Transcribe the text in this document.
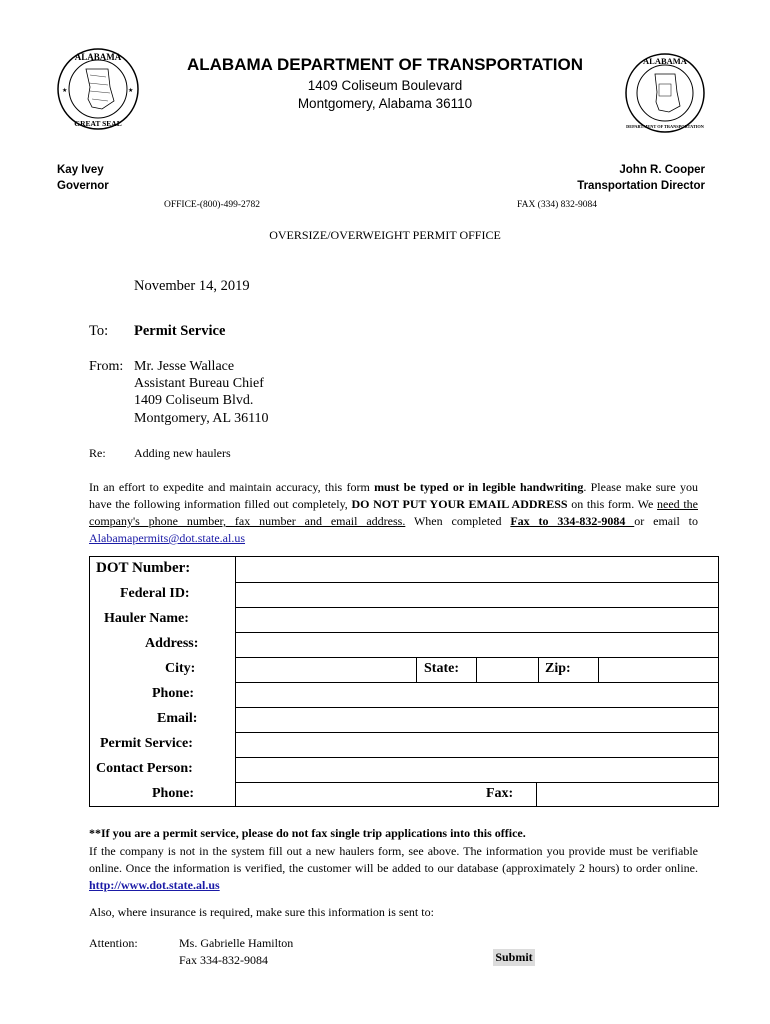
ALABAMA
GREAT SEAL
★	★
ALABAMA
DEPARTMENT OF TRANSPORTATION
ALABAMA DEPARTMENT OF TRANSPORTATION
1409 Coliseum Boulevard
Montgomery, Alabama 36110
Kay Ivey
Governor
John R. Cooper
Transportation Director
OFFICE-(800)-499-2782	FAX (334) 832-9084
OVERSIZE/OVERWEIGHT PERMIT OFFICE
November 14, 2019
To: Permit Service
From: Mr. Jesse Wallace
Assistant Bureau Chief
1409 Coliseum Blvd.
Montgomery, AL 36110
Re: Adding new haulers
In an effort to expedite and maintain accuracy, this form must be typed or in legible handwriting. Please make sure you have the following information filled out completely, DO NOT PUT YOUR EMAIL ADDRESS on this form. We need the company's phone number, fax number and email address. When completed Fax to 334-832-9084 or email to Alabamapermits@dot.state.al.us
DOT Number:
Federal ID:
Hauler Name:
Address:
City:	State:	Zip:
Phone:
Email:
Permit Service:
Contact Person:
Phone:	Fax:
**If you are a permit service, please do not fax single trip applications into this office.
If the company is not in the system fill out a new haulers form, see above. The information you provide must be verifiable online. Once the information is verified, the customer will be added to our database (approximately 2 hours) to order online. http://www.dot.state.al.us
Also, where insurance is required, make sure this information is sent to:
Attention:	Ms. Gabrielle Hamilton
Fax 334-832-9084	Submit
